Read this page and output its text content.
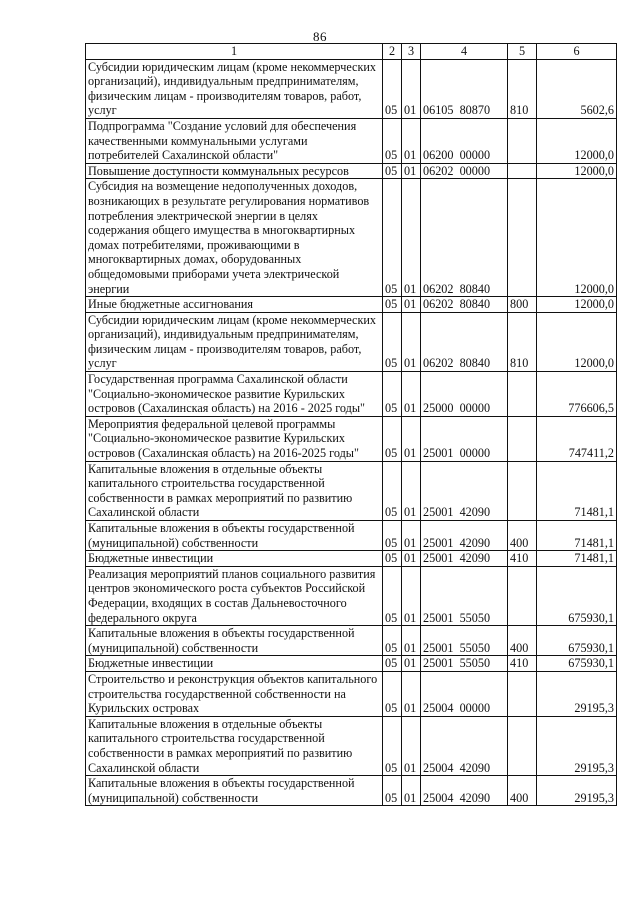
86
1	2	3	4	5	6
Субсидии юридическим лицам (кроме некоммерческих организаций), индивидуальным предпринимателям, физическим лицам - производителям товаров, работ, услуг	05	01	06105  80870	810	5602,6
Подпрограмма "Создание условий для обеспечения качественными коммунальными услугами потребителей Сахалинской области"	05	01	06200  00000		12000,0
Повышение доступности коммунальных ресурсов	05	01	06202  00000		12000,0
Субсидия на возмещение недополученных доходов, возникающих в результате регулирования нормативов потребления электрической энергии в целях содержания общего имущества в многоквартирных домах потребителями, проживающими в многоквартирных домах, оборудованных общедомовыми приборами учета электрической энергии	05	01	06202  80840		12000,0
Иные бюджетные ассигнования	05	01	06202  80840	800	12000,0
Субсидии юридическим лицам (кроме некоммерческих организаций), индивидуальным предпринимателям, физическим лицам - производителям товаров, работ, услуг	05	01	06202  80840	810	12000,0
Государственная программа Сахалинской области "Социально-экономическое развитие Курильских островов (Сахалинская область) на 2016 - 2025 годы"	05	01	25000  00000		776606,5
Мероприятия федеральной целевой программы "Социально-экономическое развитие Курильских островов (Сахалинская область) на 2016-2025 годы"	05	01	25001  00000		747411,2
Капитальные вложения в отдельные объекты капитального строительства государственной собственности в рамках мероприятий по развитию Сахалинской области	05	01	25001  42090		71481,1
Капитальные вложения в объекты государственной (муниципальной) собственности	05	01	25001  42090	400	71481,1
Бюджетные инвестиции	05	01	25001  42090	410	71481,1
Реализация мероприятий планов социального развития центров экономического роста субъектов Российской Федерации, входящих в состав Дальневосточного федерального округа	05	01	25001  55050		675930,1
Капитальные вложения в объекты государственной (муниципальной) собственности	05	01	25001  55050	400	675930,1
Бюджетные инвестиции	05	01	25001  55050	410	675930,1
Строительство и реконструкция объектов капитального строительства государственной собственности на Курильских островах	05	01	25004  00000		29195,3
Капитальные вложения в отдельные объекты капитального строительства государственной собственности в рамках мероприятий по развитию Сахалинской области	05	01	25004  42090		29195,3
Капитальные вложения в объекты государственной (муниципальной) собственности	05	01	25004  42090	400	29195,3
